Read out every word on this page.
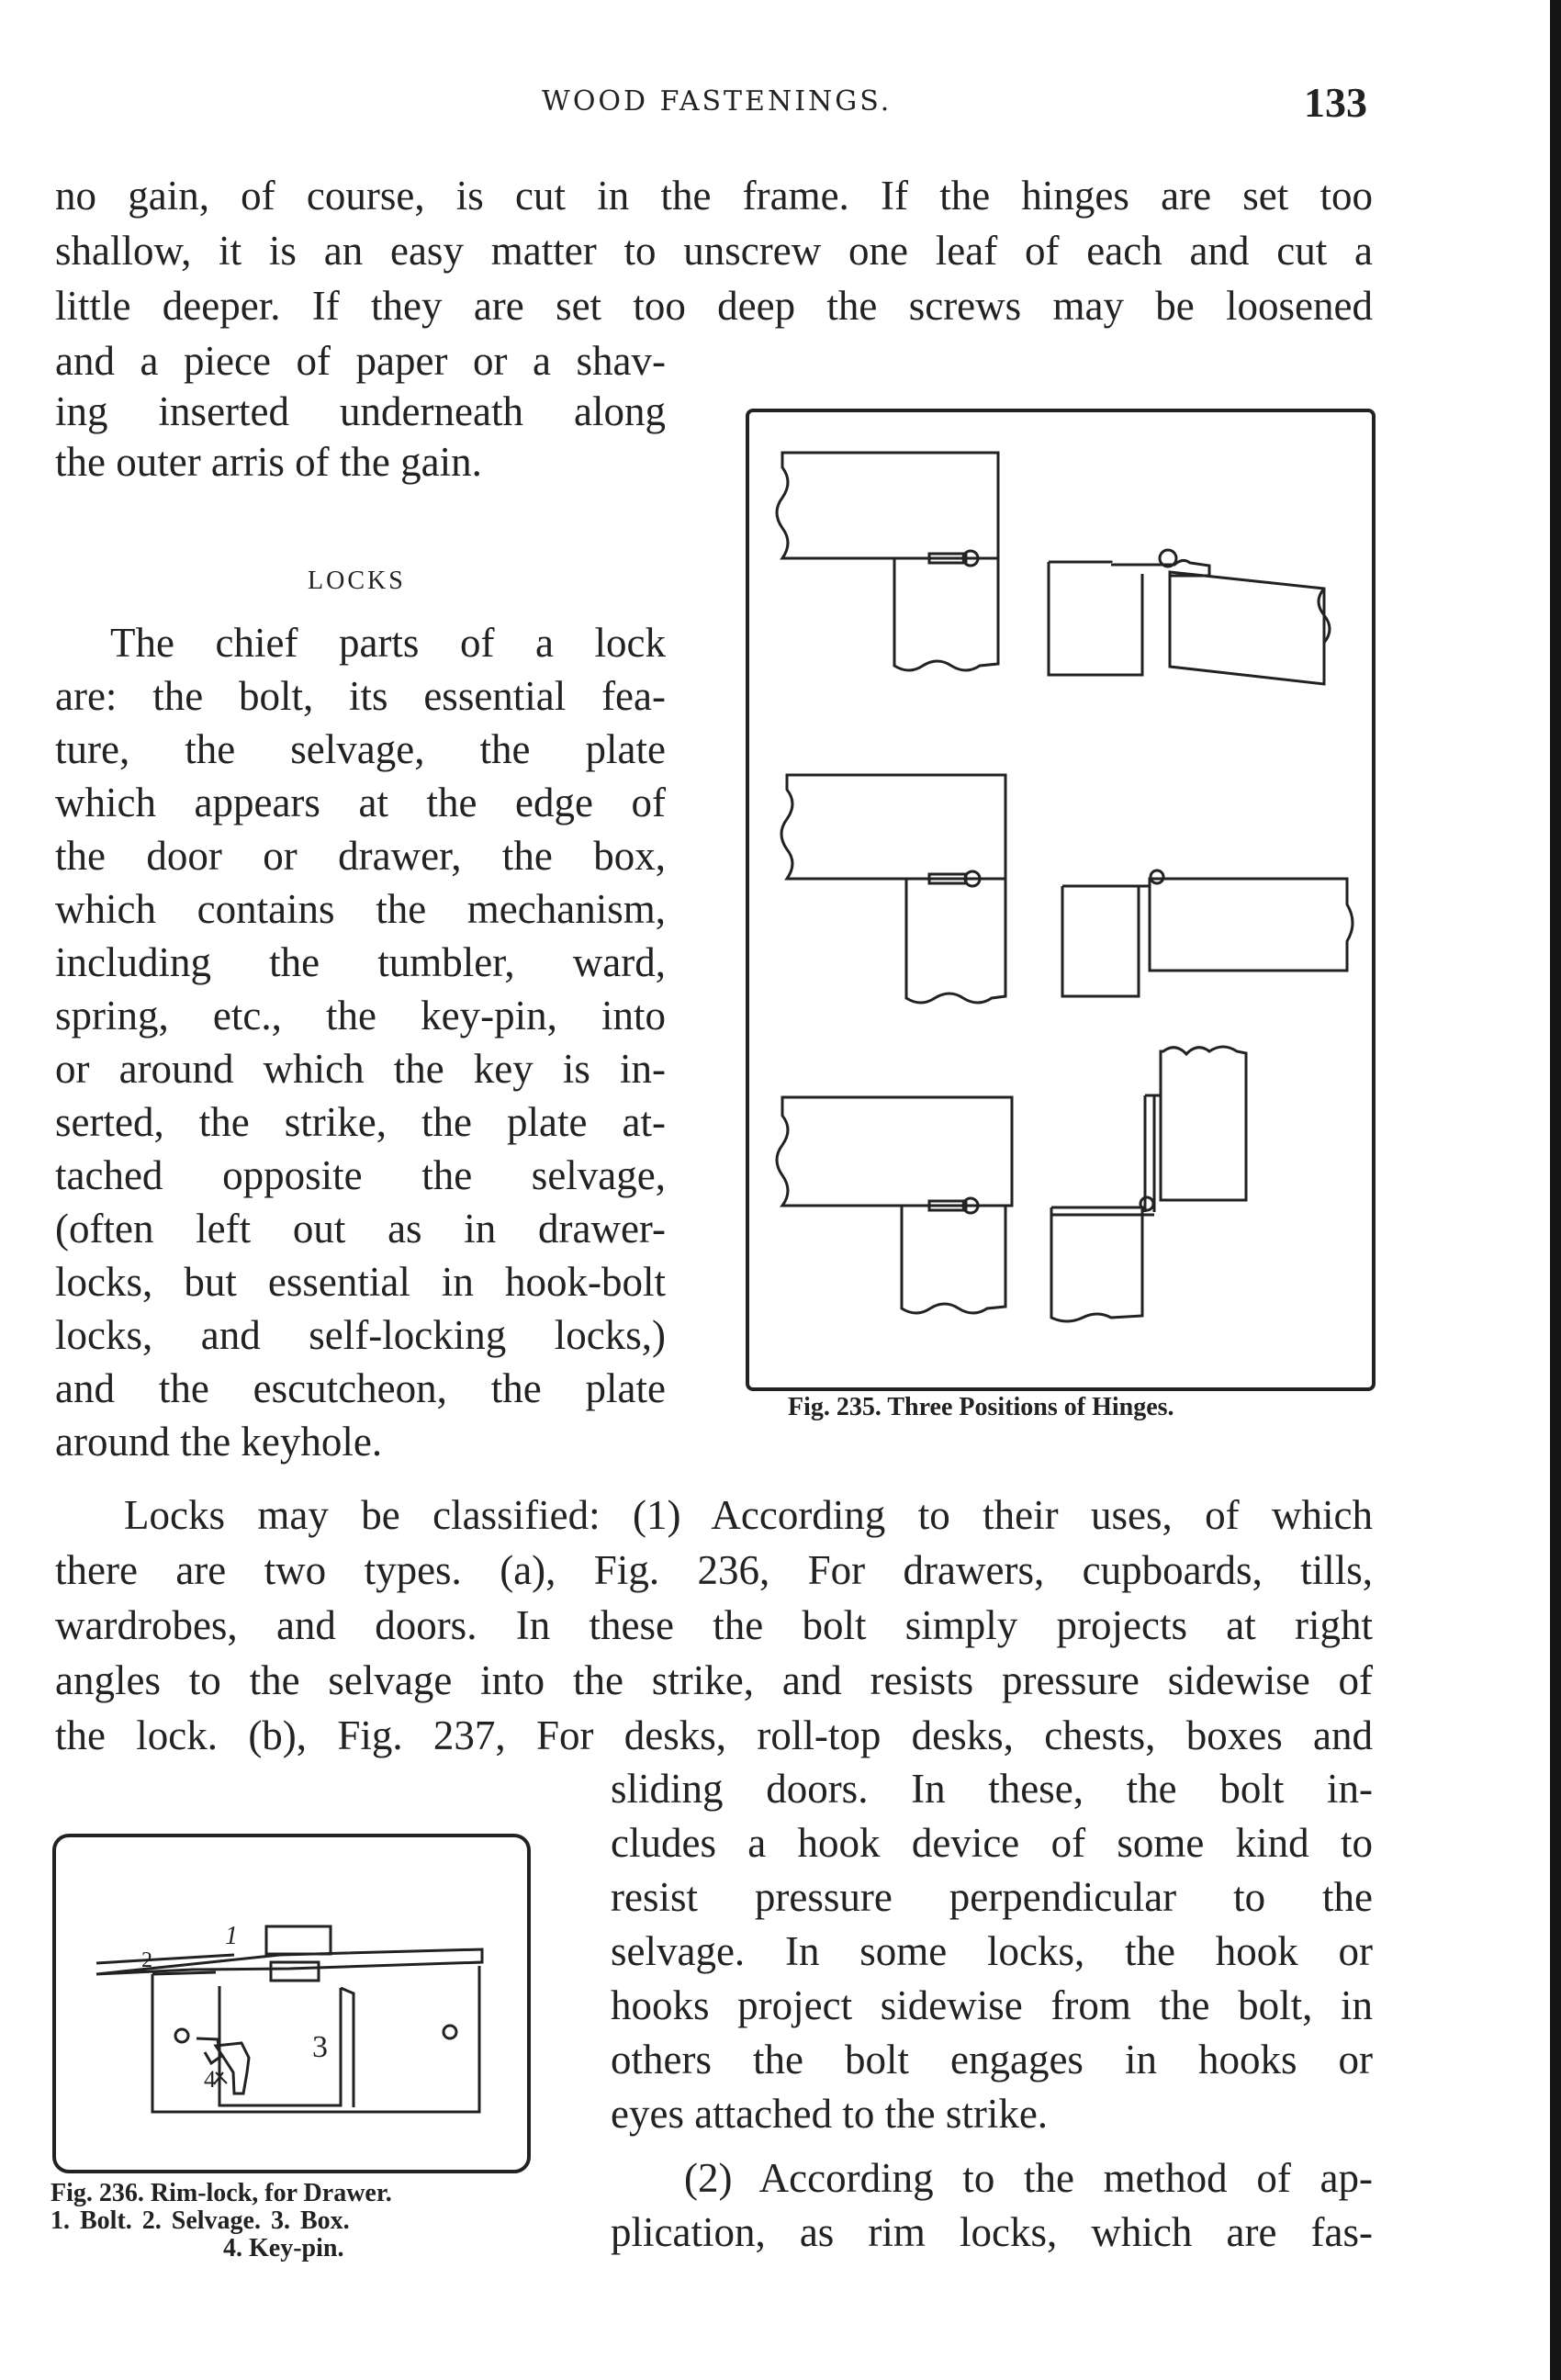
WOOD FASTENINGS.	133
no gain, of course, is cut in the frame. If the hinges are set too
shallow, it is an easy matter to unscrew one leaf of each and cut a
little deeper. If they are set too deep the screws may be loosened
and a piece of paper or a shav-
ing inserted underneath along
the outer arris of the gain.
LOCKS
The chief parts of a lock
are: the bolt, its essential fea-
ture, the selvage, the plate
which appears at the edge of
the door or drawer, the box,
which contains the mechanism,
including the tumbler, ward,
spring, etc., the key-pin, into
or around which the key is in-
serted, the strike, the plate at-
tached opposite the selvage,
(often left out as in drawer-
locks, but essential in hook-bolt
locks, and self-locking locks,)
and the escutcheon, the plate
around the keyhole.
Locks may be classified: (1) According to their uses, of which
there are two types. (a), Fig. 236, For drawers, cupboards, tills,
wardrobes, and doors. In these the bolt simply projects at right
angles to the selvage into the strike, and resists pressure sidewise of
the lock. (b), Fig. 237, For desks, roll-top desks, chests, boxes and
sliding doors. In these, the bolt in-
cludes a hook device of some kind to
resist pressure perpendicular to the
selvage. In some locks, the hook or
hooks project sidewise from the bolt, in
others the bolt engages in hooks or
eyes attached to the strike.
(2) According to the method of ap-
plication, as rim locks, which are fas-
Fig. 235. Three Positions of Hinges.
1
2
3
4
Fig. 236. Rim-lock, for Drawer.
1. Bolt. 2. Selvage. 3. Box.
4. Key-pin.
